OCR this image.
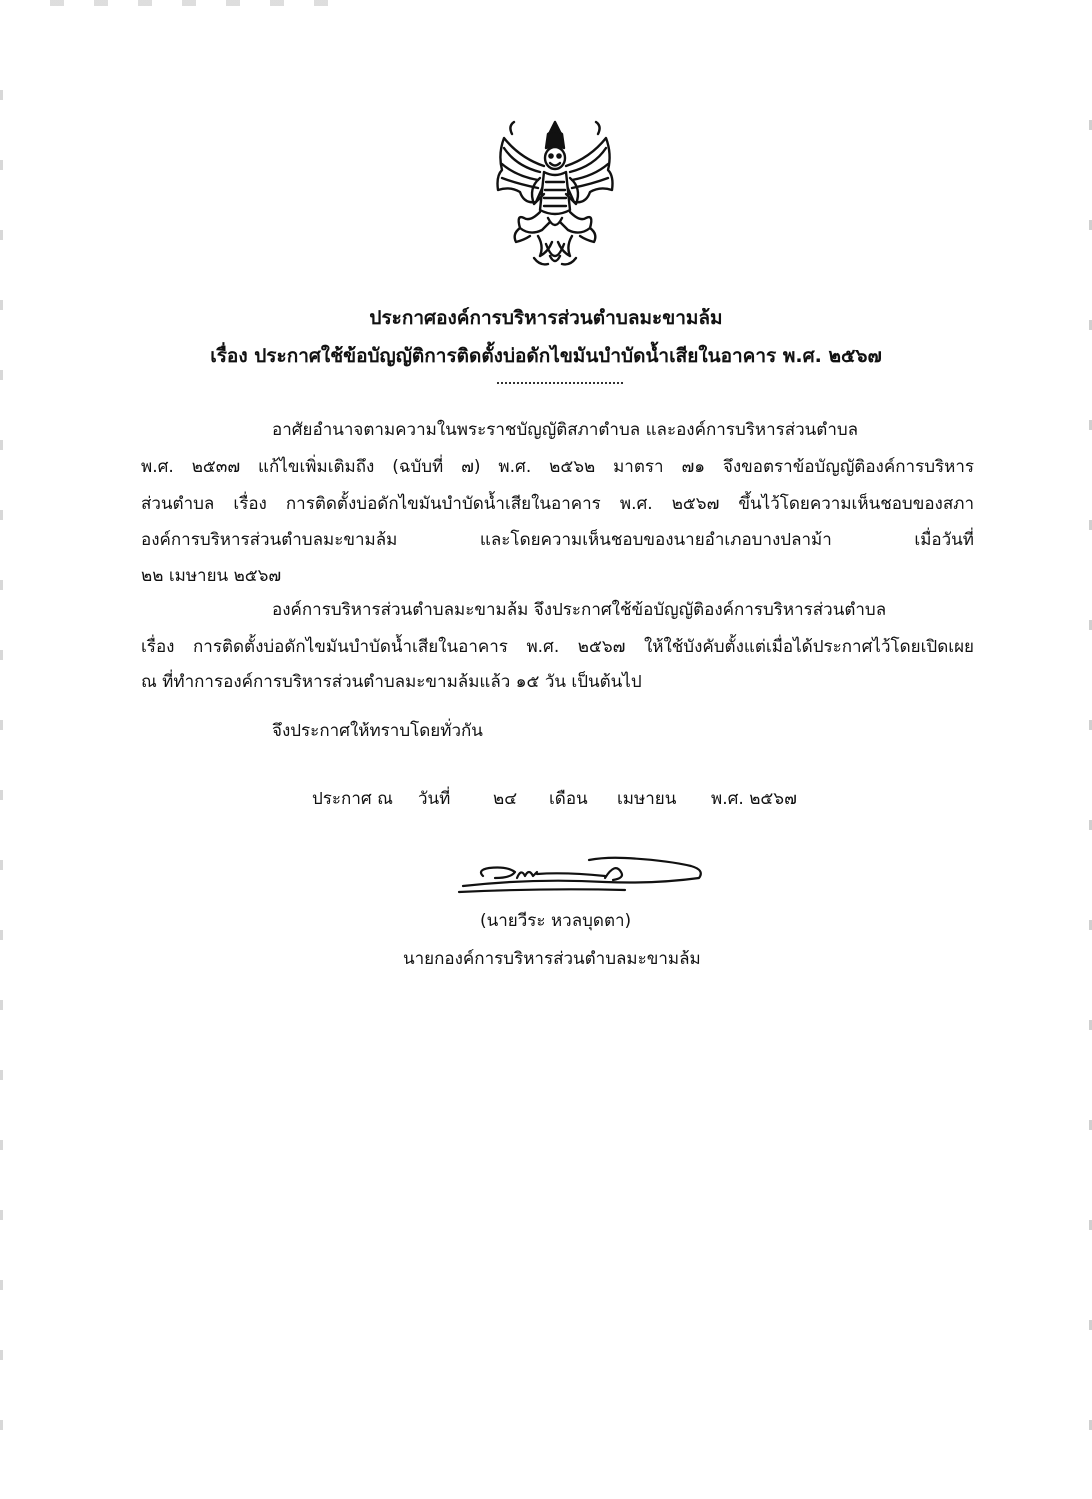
ประกาศองค์การบริหารส่วนตำบลมะขามล้ม
เรื่อง ประกาศใช้ข้อบัญญัติการติดตั้งบ่อดักไขมันบำบัดน้ำเสียในอาคาร พ.ศ. ๒๕๖๗
อาศัยอำนาจตามความในพระราชบัญญัติสภาตำบล และองค์การบริหารส่วนตำบล
พ.ศ. ๒๕๓๗ แก้ไขเพิ่มเติมถึง (ฉบับที่ ๗) พ.ศ. ๒๕๖๒ มาตรา ๗๑ จึงขอตราข้อบัญญัติองค์การบริหาร
ส่วนตำบล เรื่อง การติดตั้งบ่อดักไขมันบำบัดน้ำเสียในอาคาร พ.ศ. ๒๕๖๗ ขึ้นไว้โดยความเห็นชอบของสภา
องค์การบริหารส่วนตำบลมะขามล้ม และโดยความเห็นชอบของนายอำเภอบางปลาม้า เมื่อวันที่
๒๒ เมษายน ๒๕๖๗
องค์การบริหารส่วนตำบลมะขามล้ม จึงประกาศใช้ข้อบัญญัติองค์การบริหารส่วนตำบล
เรื่อง การติดตั้งบ่อดักไขมันบำบัดน้ำเสียในอาคาร พ.ศ. ๒๕๖๗ ให้ใช้บังคับตั้งแต่เมื่อได้ประกาศไว้โดยเปิดเผย
ณ ที่ทำการองค์การบริหารส่วนตำบลมะขามล้มแล้ว ๑๕ วัน เป็นต้นไป
จึงประกาศให้ทราบโดยทั่วกัน
ประกาศ ณ วันที่	๒๔ เดือน เมษายน พ.ศ. ๒๕๖๗
(นายวีระ หวลบุดตา)
นายกองค์การบริหารส่วนตำบลมะขามล้ม
